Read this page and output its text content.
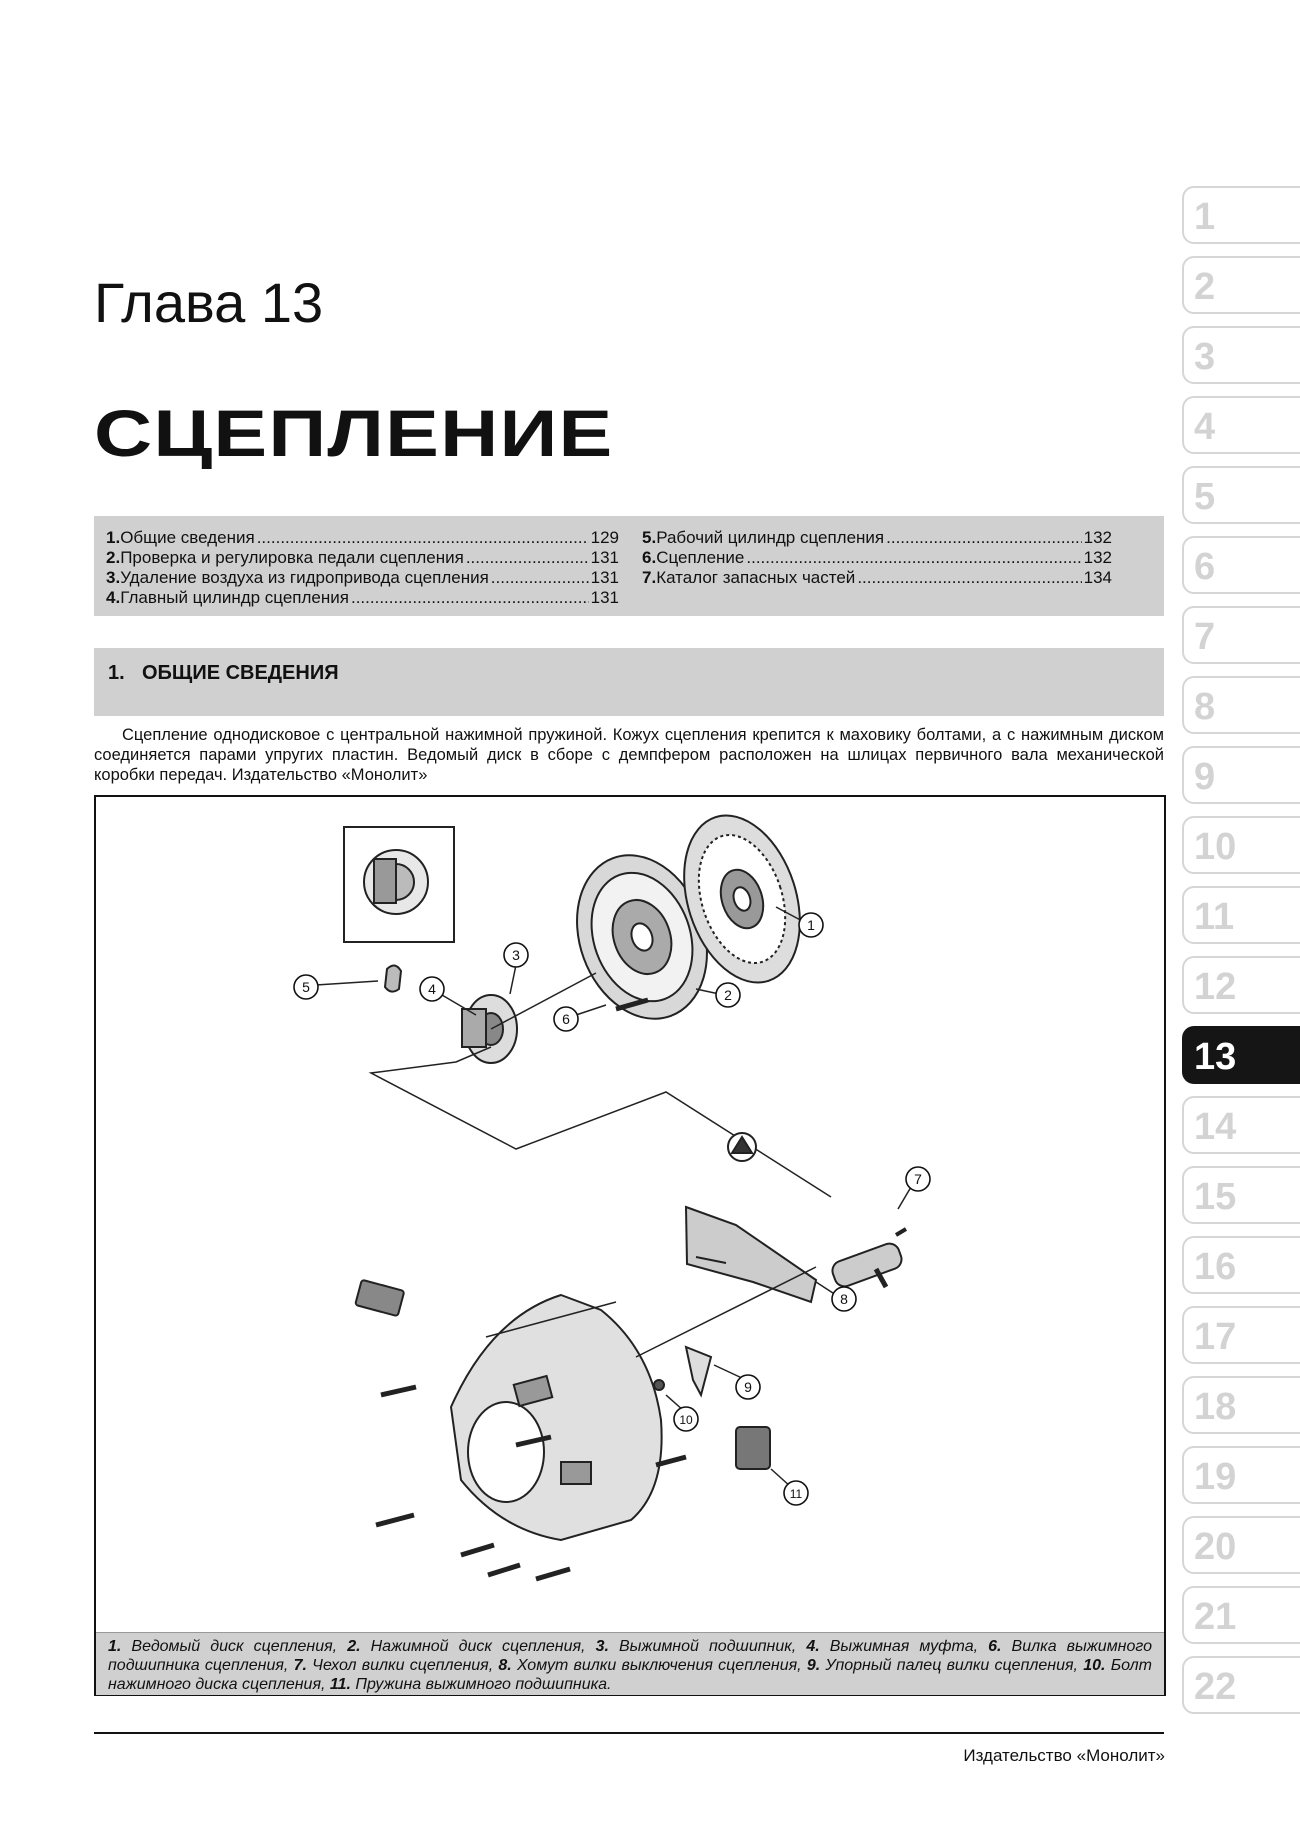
Глава 13
СЦЕПЛЕНИЕ
1. Общие сведения .....	129
2. Проверка и регулировка педали сцепления .....	131
3. Удаление воздуха из гидропривода сцепления .....	131
4. Главный цилиндр сцепления .....	131
5. Рабочий цилиндр сцепления .....	132
6. Сцепление .....	132
7. Каталог запасных частей .....	134
1. ОБЩИЕ СВЕДЕНИЯ
Сцепление однодисковое с центральной нажимной пружиной. Кожух сцепления крепится к маховику болтами, а с нажимным диском соединяется парами упругих пластин. Ведомый диск в сборе с демпфером расположен на шлицах первичного вала механической коробки передач. Издательство «Монолит»
1
2
3
4
5
6
7
8
9
10
11

1. Ведомый диск сцепления, 2. Нажимной диск сцепления, 3. Выжимной подшипник, 4. Выжимная муфта, 6. Вилка выжимного подшипника сцепления, 7. Чехол вилки сцепления, 8. Хомут вилки выключения сцепления, 9. Упорный палец вилки сцепления, 10. Болт нажимного диска сцепления, 11. Пружина выжимного подшипника.

Издательство «Монолит»
1
2
3
4
5
6
7
8
9
10
11
12
13
14
15
16
17
18
19
20
21
22
